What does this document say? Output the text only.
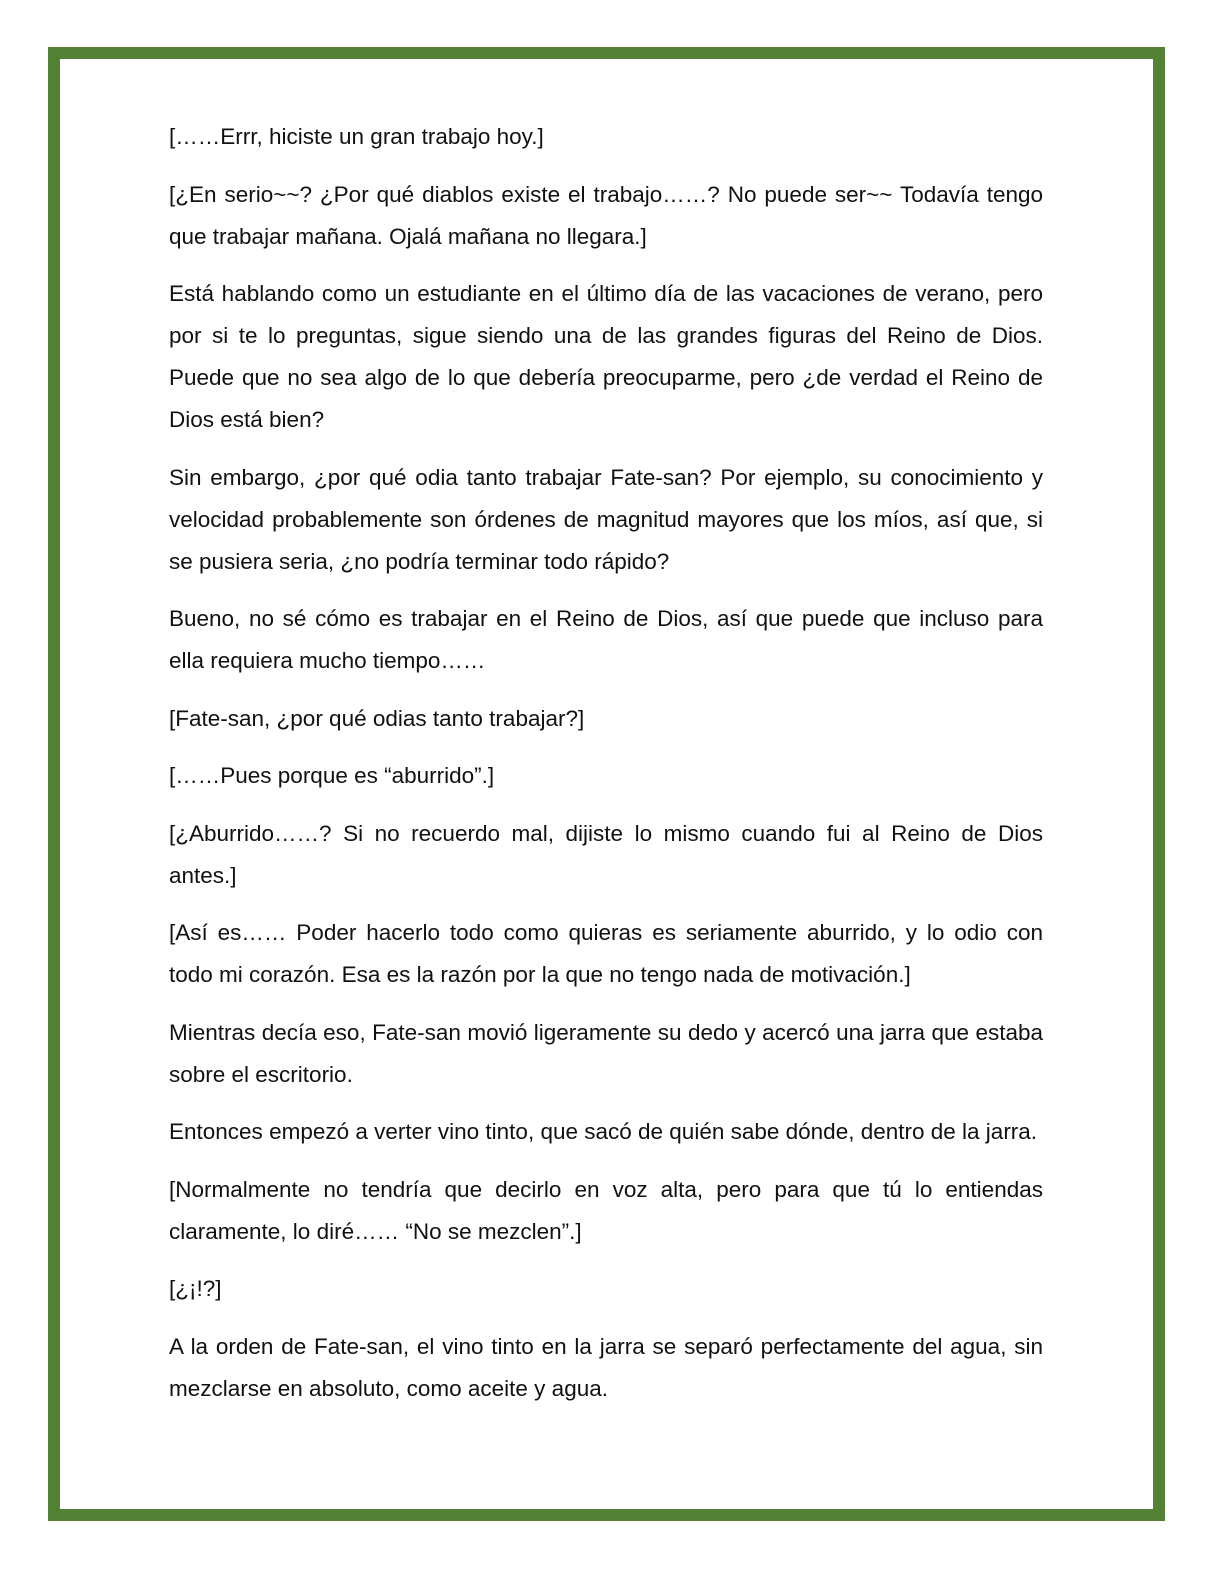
[……Errr, hiciste un gran trabajo hoy.]

[¿En serio~~? ¿Por qué diablos existe el trabajo……? No puede ser~~ Todavía tengo que trabajar mañana. Ojalá mañana no llegara.]

Está hablando como un estudiante en el último día de las vacaciones de verano, pero por si te lo preguntas, sigue siendo una de las grandes figuras del Reino de Dios. Puede que no sea algo de lo que debería preocuparme, pero ¿de verdad el Reino de Dios está bien?

Sin embargo, ¿por qué odia tanto trabajar Fate-san? Por ejemplo, su conocimiento y velocidad probablemente son órdenes de magnitud mayores que los míos, así que, si se pusiera seria, ¿no podría terminar todo rápido?

Bueno, no sé cómo es trabajar en el Reino de Dios, así que puede que incluso para ella requiera mucho tiempo……

[Fate-san, ¿por qué odias tanto trabajar?]

[……Pues porque es “aburrido”.]

[¿Aburrido……? Si no recuerdo mal, dijiste lo mismo cuando fui al Reino de Dios antes.]

[Así es…… Poder hacerlo todo como quieras es seriamente aburrido, y lo odio con todo mi corazón. Esa es la razón por la que no tengo nada de motivación.]

Mientras decía eso, Fate-san movió ligeramente su dedo y acercó una jarra que estaba sobre el escritorio.

Entonces empezó a verter vino tinto, que sacó de quién sabe dónde, dentro de la jarra.

[Normalmente no tendría que decirlo en voz alta, pero para que tú lo entiendas claramente, lo diré…… “No se mezclen”.]

[¿¡!?]

A la orden de Fate-san, el vino tinto en la jarra se separó perfectamente del agua, sin mezclarse en absoluto, como aceite y agua.
